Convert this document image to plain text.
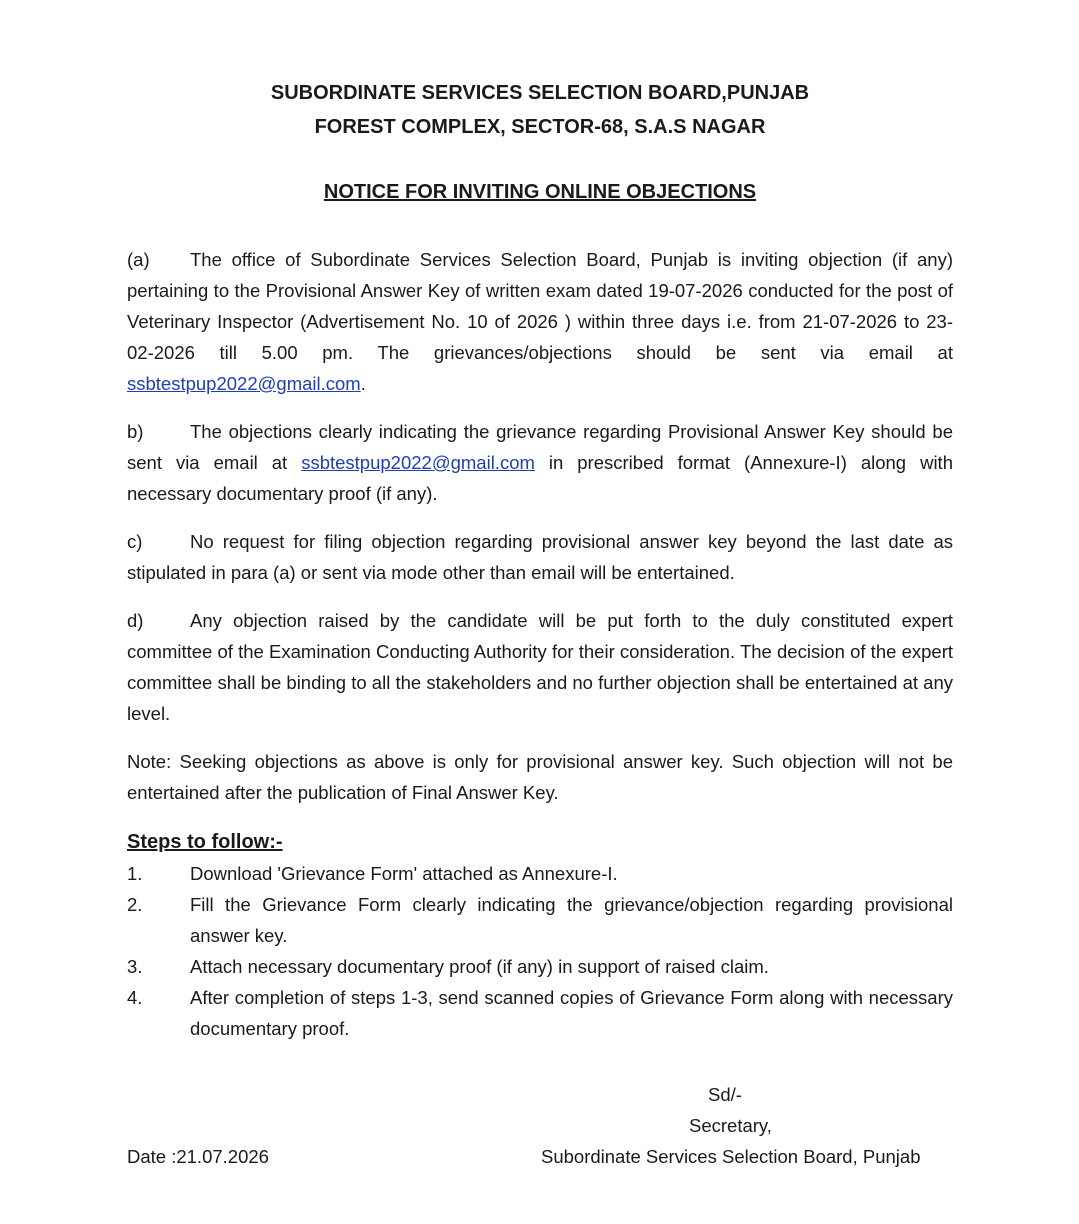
SUBORDINATE SERVICES SELECTION BOARD,PUNJAB

FOREST COMPLEX, SECTOR-68, S.A.S NAGAR

NOTICE FOR INVITING ONLINE OBJECTIONS

(a) The office of Subordinate Services Selection Board, Punjab is inviting objection (if any) pertaining to the Provisional Answer Key of written exam dated 19-07-2026 conducted for the post of Veterinary Inspector (Advertisement No. 10 of 2026 ) within three days i.e. from 21-07-2026 to 23-02-2026 till 5.00 pm. The grievances/objections should be sent via email at ssbtestpup2022@gmail.com.

b)	The objections clearly indicating the grievance regarding Provisional Answer Key should be sent via email at ssbtestpup2022@gmail.com in prescribed format (Annexure-I) along with necessary documentary proof (if any).

c)	No request for filing objection regarding provisional answer key beyond the last date as stipulated in para (a) or sent via mode other than email will be entertained.

d)	Any objection raised by the candidate will be put forth to the duly constituted expert committee of the Examination Conducting Authority for their consideration. The decision of the expert committee shall be binding to all the stakeholders and no further objection shall be entertained at any level.

Note: Seeking objections as above is only for provisional answer key. Such objection will not be entertained after the publication of Final Answer Key.

Steps to follow:-

1.	Download 'Grievance Form' attached as Annexure-I.
2.	Fill the Grievance Form clearly indicating the grievance/objection regarding provisional answer key.
3.	Attach necessary documentary proof (if any) in support of raised claim.
4.	After completion of steps 1-3, send scanned copies of Grievance Form along with necessary documentary proof.
Sd/-
Secretary,
Subordinate Services Selection Board, Punjab
Date :21.07.2026
